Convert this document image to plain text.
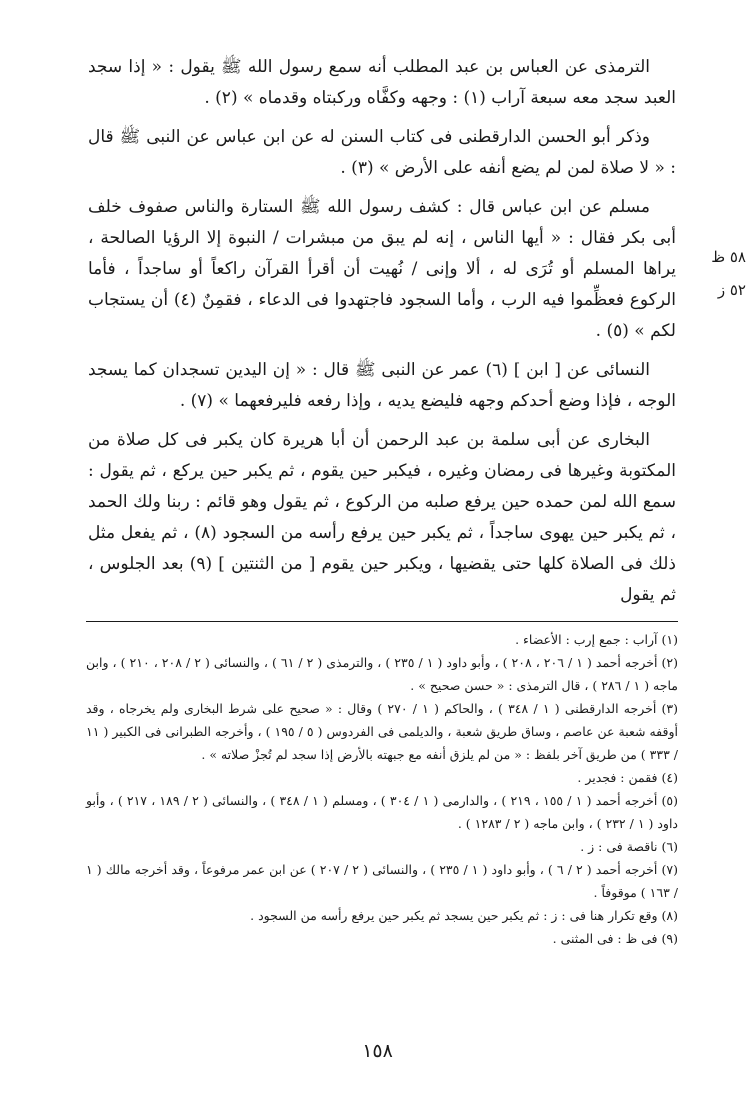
الترمذى عن العباس بن عبد المطلب أنه سمع رسول الله ﷺ يقول : « إذا سجد العبد سجد معه سبعة آراب (١) : وجهه وكفَّاه وركبتاه وقدماه » (٢) .

وذكر أبو الحسن الدارقطنى فى كتاب السنن له عن ابن عباس عن النبى ﷺ قال : « لا صلاة لمن لم يضع أنفه على الأرض » (٣) .

مسلم عن ابن عباس قال : كشف رسول الله ﷺ الستارة والناس صفوف خلف أبى بكر فقال : « أيها الناس ، إنه لم يبق من مبشرات / النبوة إلا الرؤيا الصالحة ، يراها المسلم أو تُرَى له ، ألا وإنى / نُهيت أن أقرأ القرآن راكعاً أو ساجداً ، فأما الركوع فعظِّموا فيه الرب ، وأما السجود فاجتهدوا فى الدعاء ، فقمِنٌ (٤) أن يستجاب لكم » (٥) .

النسائى عن [ ابن ] (٦) عمر عن النبى ﷺ قال : « إن اليدين تسجدان كما يسجد الوجه ، فإذا وضع أحدكم وجهه فليضع يديه ، وإذا رفعه فليرفعهما » (٧) .

البخارى عن أبى سلمة بن عبد الرحمن أن أبا هريرة كان يكبر فى كل صلاة من المكتوبة وغيرها فى رمضان وغيره ، فيكبر حين يقوم ، ثم يكبر حين يركع ، ثم يقول : سمع الله لمن حمده حين يرفع صلبه من الركوع ، ثم يقول وهو قائم : ربنا ولك الحمد ، ثم يكبر حين يهوى ساجداً ، ثم يكبر حين يرفع رأسه من السجود (٨) ، ثم يفعل مثل ذلك فى الصلاة كلها حتى يقضيها ، ويكبر حين يقوم [ من الثنتين ] (٩) بعد الجلوس ، ثم يقول

٥٨ ظ
٥٢ ز

(١) آراب : جمع إرب : الأعضاء .

(٢) أخرجه أحمد ( ١ / ٢٠٦ ، ٢٠٨ ) ، وأبو داود ( ١ / ٢٣٥ ) ، والترمذى ( ٢ / ٦١ ) ، والنسائى ( ٢ / ٢٠٨ ، ٢١٠ ) ، وابن ماجه ( ١ / ٢٨٦ ) ، قال الترمذى : « حسن صحيح » .

(٣) أخرجه الدارقطنى ( ١ / ٣٤٨ ) ، والحاكم ( ١ / ٢٧٠ ) وقال : « صحيح على شرط البخارى ولم يخرجاه ، وقد أوقفه شعبة عن عاصم ، وساق طريق شعبة ، والديلمى فى الفردوس ( ٥ / ١٩٥ ) ، وأخرجه الطبرانى فى الكبير ( ١١ / ٣٣٣ ) من طريق آخر بلفظ : « من لم يلزق أنفه مع جبهته بالأرض إذا سجد لم تُجزْ صلاته » .

(٤) فقمن : فجدير .

(٥) أخرجه أحمد ( ١ / ١٥٥ ، ٢١٩ ) ، والدارمى ( ١ / ٣٠٤ ) ، ومسلم ( ١ / ٣٤٨ ) ، والنسائى ( ٢ / ١٨٩ ، ٢١٧ ) ، وأبو داود ( ١ / ٢٣٢ ) ، وابن ماجه ( ٢ / ١٢٨٣ ) .

(٦) ناقصة فى : ز .

(٧) أخرجه أحمد ( ٢ / ٦ ) ، وأبو داود ( ١ / ٢٣٥ ) ، والنسائى ( ٢ / ٢٠٧ ) عن ابن عمر مرفوعاً ، وقد أخرجه مالك ( ١ / ١٦٣ ) موقوفاً .

(٨) وقع تكرار هنا فى : ز : ثم يكبر حين يسجد ثم يكبر حين يرفع رأسه من السجود .

(٩) فى ظ : فى المثنى .

١٥٨
